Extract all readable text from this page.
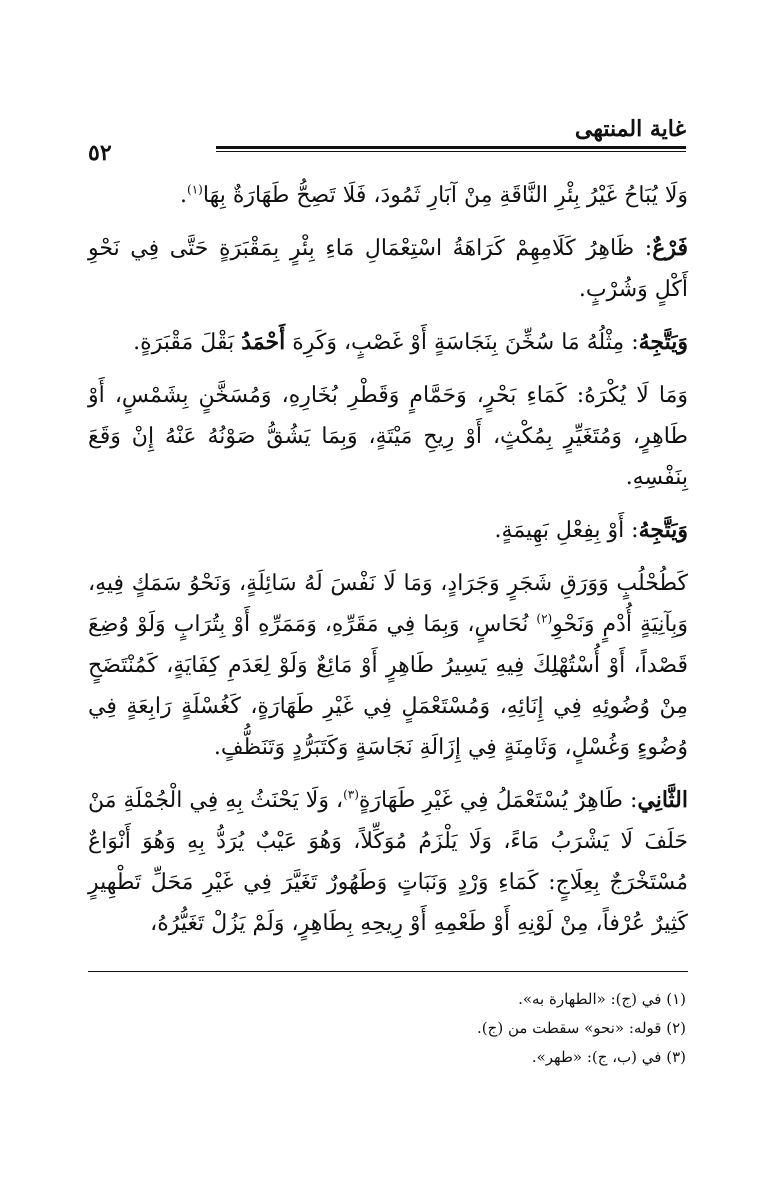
غاية المنتهى
٥٢

وَلَا يُبَاحُ غَيْرُ بِئْرِ النَّاقَةِ مِنْ آبَارِ ثَمُودَ، فَلَا تَصِحُّ طَهَارَةٌ بِهَا$^{(١)}$.

فَرْعٌ: ظَاهِرُ كَلَامِهِمْ كَرَاهَةُ اسْتِعْمَالِ مَاءِ بِئْرٍ بِمَقْبَرَةٍ حَتَّى فِي نَحْوِ أَكْلٍ وَشُرْبٍ.

وَيَتَّجِهُ: مِثْلُهُ مَا سُخِّنَ بِنَجَاسَةٍ أَوْ غَصْبٍ، وَكَرِهَ أَحْمَدُ بَقْلَ مَقْبَرَةٍ.

وَمَا لَا يُكْرَهُ: كَمَاءِ بَحْرٍ، وَحَمَّامٍ وَقَطْرِ بُخَارِهِ، وَمُسَخَّنٍ بِشَمْسٍ، أَوْ طَاهِرٍ، وَمُتَغَيِّرٍ بِمُكْثٍ، أَوْ رِيحِ مَيْتَةٍ، وَبِمَا يَشُقُّ صَوْنُهُ عَنْهُ إِنْ وَقَعَ بِنَفْسِهِ.

وَيَتَّجِهُ: أَوْ بِفِعْلِ بَهِيمَةٍ.

كَطُحْلُبٍ وَوَرَقِ شَجَرٍ وَجَرَادٍ، وَمَا لَا نَفْسَ لَهُ سَائِلَةٍ، وَنَحْوُ سَمَكٍ فِيهِ، وَبِآنِيَةٍ أُدْمٍ وَنَحْوِ$^{(٢)}$ نُحَاسٍ، وَبِمَا فِي مَقَرِّهِ، وَمَمَرِّهِ أَوْ بِتُرَابٍ وَلَوْ وُضِعَ قَصْداً، أَوْ أُسْتُهْلِكَ فِيهِ يَسِيرُ طَاهِرٍ أَوْ مَائِعٌ وَلَوْ لِعَدَمِ كِفَايَةٍ، كَمُنْتَضَحٍ مِنْ وُضُوئِهِ فِي إِنَائِهِ، وَمُسْتَعْمَلٍ فِي غَيْرِ طَهَارَةٍ، كَغُسْلَةٍ رَابِعَةٍ فِي وُضُوءٍ وَغُسْلٍ، وَثَامِنَةٍ فِي إِزَالَةِ نَجَاسَةٍ وَكَتَبَرُّدٍ وَتَنَظُّفٍ.

الثَّانِي: طَاهِرٌ يُسْتَعْمَلُ فِي غَيْرِ طَهَارَةٍ$^{(٣)}$، وَلَا يَحْنَثُ بِهِ فِي الْجُمْلَةِ مَنْ حَلَفَ لَا يَشْرَبُ مَاءً، وَلَا يَلْزَمُ مُوَكِّلاً، وَهُوَ عَيْبٌ يُرَدُّ بِهِ وَهُوَ أَنْوَاعٌ مُسْتَخْرَجٌ بِعِلَاجٍ: كَمَاءِ وَرْدٍ وَنَبَاتٍ وَطَهُورٌ تَغَيَّرَ فِي غَيْرِ مَحَلِّ تَطْهِيرٍ كَثِيرٌ عُرْفاً، مِنْ لَوْنِهِ أَوْ طَعْمِهِ أَوْ رِيحِهِ بِطَاهِرٍ، وَلَمْ يَزُلْ تَغَيُّرُهُ،

(١) في (ج): «الطهارة به».

(٢) قوله: «نحو» سقطت من (ج).

(٣) في (ب، ج): «طهر».
